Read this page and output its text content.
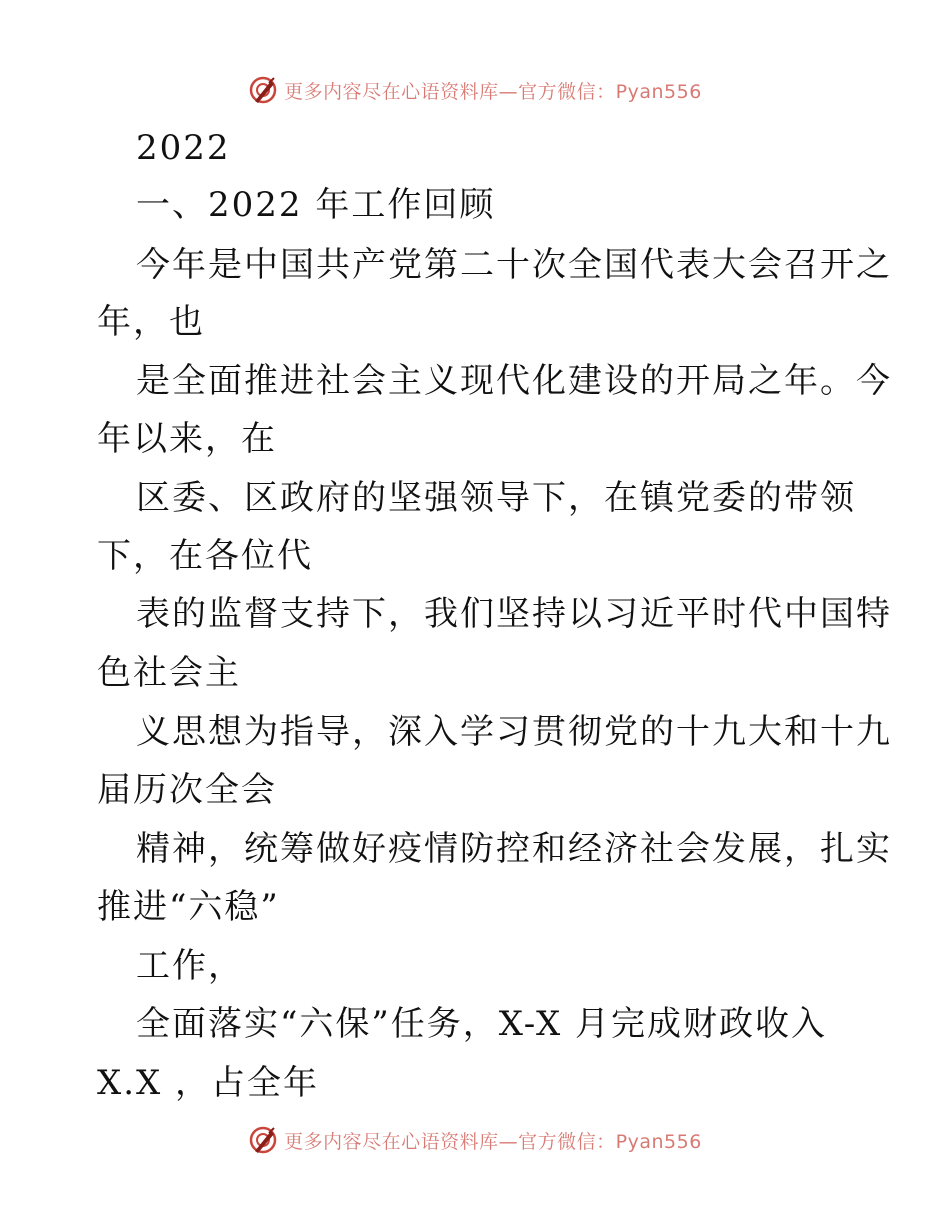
更多内容尽在心语资料库—官方微信：Pyan556
2022
一、2022 年工作回顾
今年是中国共产党第二十次全国代表大会召开之
年，也
是全面推进社会主义现代化建设的开局之年。今
年以来，在
区委、区政府的坚强领导下，在镇党委的带领
下，在各位代
表的监督支持下，我们坚持以习近平时代中国特
色社会主
义思想为指导，深入学习贯彻党的十九大和十九
届历次全会
精神，统筹做好疫情防控和经济社会发展，扎实
推进“六稳”
工作，
全面落实“六保”任务，X-X 月完成财政收入
X.X ，占全年
更多内容尽在心语资料库—官方微信：Pyan556
